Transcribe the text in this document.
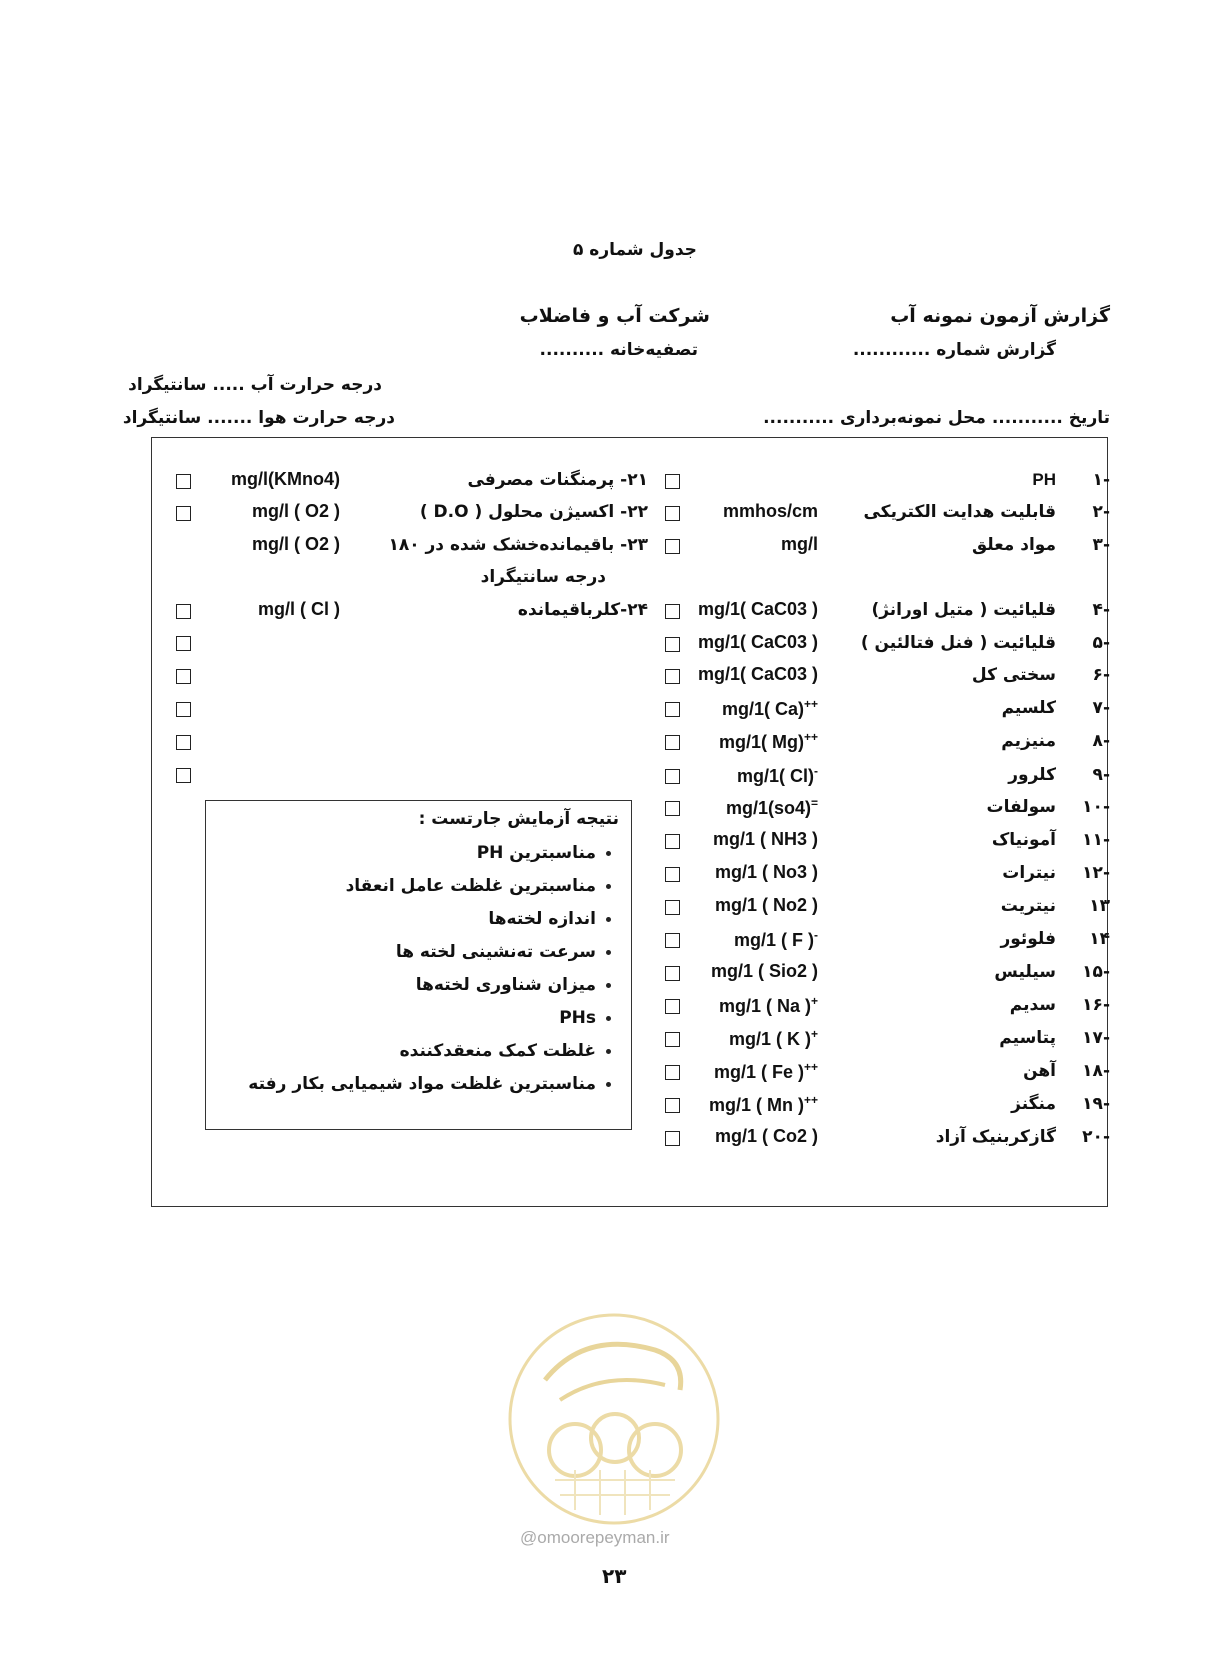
جدول شماره ۵
گزارش آزمون نمونه آب
گزارش شماره ............
شرکت آب و فاضلاب
تصفیه‌خانه ..........
درجه حرارت آب ..... سانتیگراد
درجه حرارت هوا ....... سانتیگراد	تاریخ ........... محل نمونه‌برداری ...........
-۱
PH
-۲
قابلیت هدایت الکتریکی
mmhos/cm
-۳
مواد معلق
mg/l
-۴
قلیائیت ( متیل اورانژ)
mg/1( CaC03 )
-۵
قلیائیت ( فنل فتالئین )
mg/1( CaC03 )
-۶
سختی کل
mg/1( CaC03 )
-۷
کلسیم
mg/1( Ca)++
-۸
منیزیم
mg/1( Mg)++
-۹
کلرور
mg/1( Cl)-
-۱۰
سولفات
mg/1(so4)=
-۱۱
آمونیاک
mg/1 ( NH3 )
-۱۲
نیترات
mg/1 ( No3 )
۱۳
نیتریت
mg/1 ( No2 )
۱۴
فلوئور
mg/1 ( F )-
-۱۵
سیلیس
mg/1 ( Sio2 )
-۱۶
سدیم
mg/1 ( Na )+
-۱۷
پتاسیم
mg/1 ( K )+
-۱۸
آهن
mg/1 ( Fe )++
-۱۹
منگنز
mg/1 ( Mn )++
-۲۰
گازکربنیک آزاد
mg/1 ( Co2 )
۲۱- پرمنگنات مصرفی
mg/l(KMno4)
۲۲- اکسیژن محلول ( D.O )
mg/l ( O2 )
۲۳- باقیمانده‌خشک شده در ۱۸۰
mg/l ( O2 )
درجه سانتیگراد
۲۴-کلرباقیمانده
mg/l ( Cl )
نتیجه آزمایش جارتست :
مناسبترین PH
مناسبترین غلظت عامل انعقاد
اندازه لخته‌ها
سرعت ته‌نشینی لخته ها
میزان شناوری لخته‌ها
PHs
غلظت کمک منعقدکننده
مناسبترین غلظت مواد شیمیایی بکار رفته
@omoorepeyman.ir
۲۳
